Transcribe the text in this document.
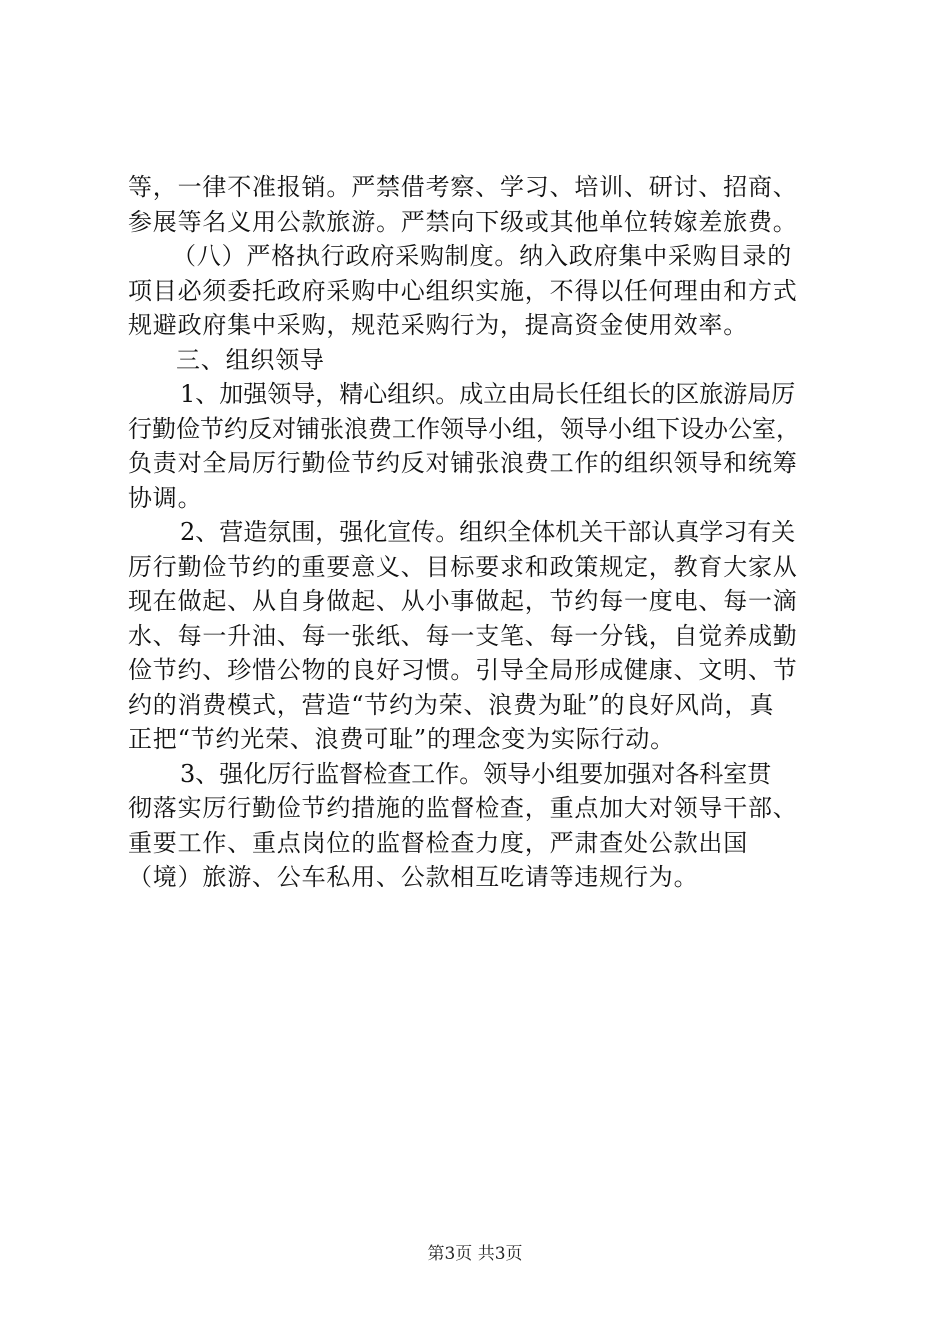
等，一律不准报销。严禁借考察、学习、培训、研讨、招商、
参展等名义用公款旅游。严禁向下级或其他单位转嫁差旅费。
（八）严格执行政府采购制度。纳入政府集中采购目录的
项目必须委托政府采购中心组织实施，不得以任何理由和方式
规避政府集中采购，规范采购行为，提高资金使用效率。
三、组织领导
1、加强领导，精心组织。成立由局长任组长的区旅游局厉
行勤俭节约反对铺张浪费工作领导小组，领导小组下设办公室，
负责对全局厉行勤俭节约反对铺张浪费工作的组织领导和统筹
协调。
2、营造氛围，强化宣传。组织全体机关干部认真学习有关
厉行勤俭节约的重要意义、目标要求和政策规定，教育大家从
现在做起、从自身做起、从小事做起，节约每一度电、每一滴
水、每一升油、每一张纸、每一支笔、每一分钱，自觉养成勤
俭节约、珍惜公物的良好习惯。引导全局形成健康、文明、节
约的消费模式，营造“节约为荣、浪费为耻”的良好风尚，真
正把“节约光荣、浪费可耻”的理念变为实际行动。
3、强化厉行监督检查工作。领导小组要加强对各科室贯
彻落实厉行勤俭节约措施的监督检查，重点加大对领导干部、
重要工作、重点岗位的监督检查力度，严肃查处公款出国
（境）旅游、公车私用、公款相互吃请等违规行为。
第3页 共3页
